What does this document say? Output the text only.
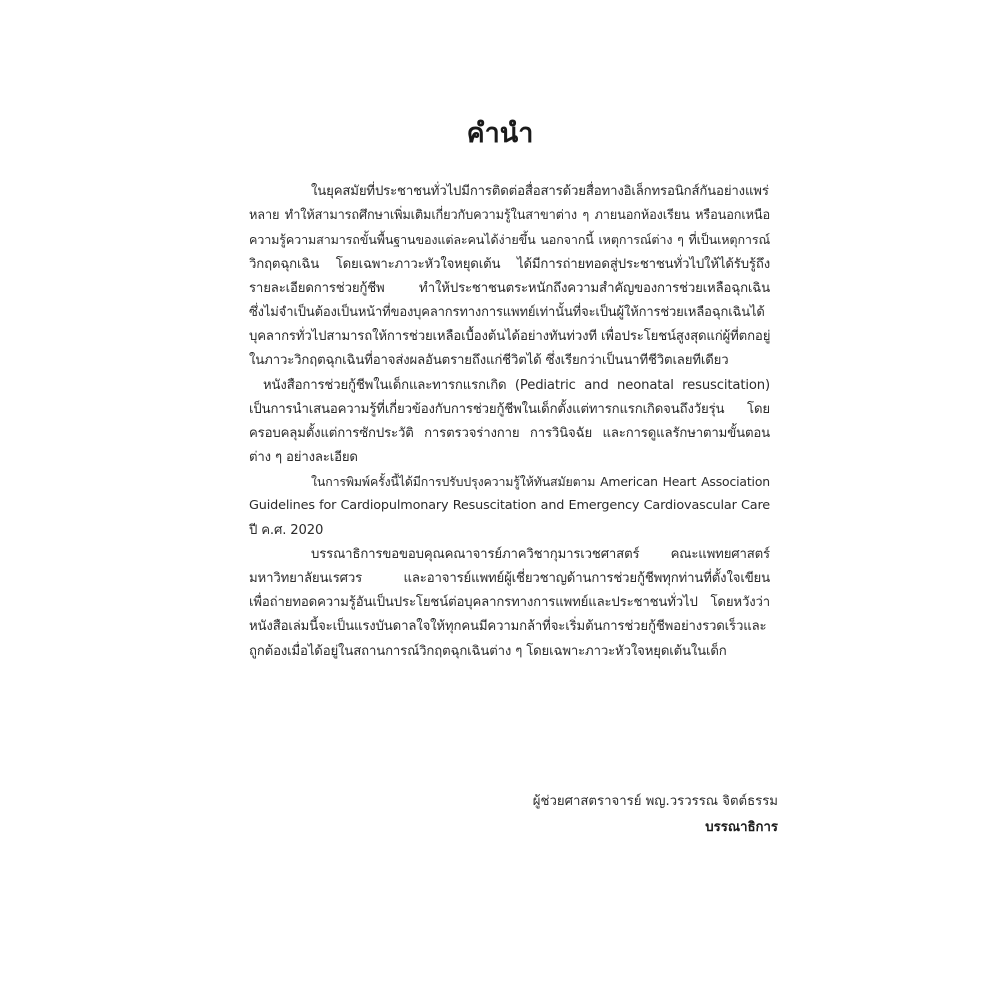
คำนำ
ในยุคสมัยที่ประชาชนทั่วไปมีการติดต่อสื่อสารด้วยสื่อทางอิเล็กทรอนิกส์กันอย่างแพร่
หลาย ทำให้สามารถศึกษาเพิ่มเติมเกี่ยวกับความรู้ในสาขาต่าง ๆ ภายนอกห้องเรียน หรือนอกเหนือ
ความรู้ความสามารถขั้นพื้นฐานของแต่ละคนได้ง่ายขึ้น นอกจากนี้ เหตุการณ์ต่าง ๆ ที่เป็นเหตุการณ์
วิกฤตฉุกเฉิน โดยเฉพาะภาวะหัวใจหยุดเต้น ได้มีการถ่ายทอดสู่ประชาชนทั่วไปให้ได้รับรู้ถึง
รายละเอียดการช่วยกู้ชีพ ทำให้ประชาชนตระหนักถึงความสำคัญของการช่วยเหลือฉุกเฉิน
ซึ่งไม่จำเป็นต้องเป็นหน้าที่ของบุคลากรทางการแพทย์เท่านั้นที่จะเป็นผู้ให้การช่วยเหลือฉุกเฉินได้
บุคลากรทั่วไปสามารถให้การช่วยเหลือเบื้องต้นได้อย่างทันท่วงที เพื่อประโยชน์สูงสุดแก่ผู้ที่ตกอยู่
ในภาวะวิกฤตฉุกเฉินที่อาจส่งผลอันตรายถึงแก่ชีวิตได้ ซึ่งเรียกว่าเป็นนาทีชีวิตเลยทีเดียว
หนังสือการช่วยกู้ชีพในเด็กและทารกแรกเกิด (Pediatric and neonatal resuscitation)
เป็นการนำเสนอความรู้ที่เกี่ยวข้องกับการช่วยกู้ชีพในเด็กตั้งแต่ทารกแรกเกิดจนถึงวัยรุ่น โดย
ครอบคลุมตั้งแต่การซักประวัติ การตรวจร่างกาย การวินิจฉัย และการดูแลรักษาตามขั้นตอน
ต่าง ๆ อย่างละเอียด
ในการพิมพ์ครั้งนี้ได้มีการปรับปรุงความรู้ให้ทันสมัยตาม American Heart Association
Guidelines for Cardiopulmonary Resuscitation and Emergency Cardiovascular Care
ปี ค.ศ. 2020
บรรณาธิการขอขอบคุณคณาจารย์ภาควิชากุมารเวชศาสตร์ คณะแพทยศาสตร์
มหาวิทยาลัยนเรศวร และอาจารย์แพทย์ผู้เชี่ยวชาญด้านการช่วยกู้ชีพทุกท่านที่ตั้งใจเขียน
เพื่อถ่ายทอดความรู้อันเป็นประโยชน์ต่อบุคลากรทางการแพทย์และประชาชนทั่วไป โดยหวังว่า
หนังสือเล่มนี้จะเป็นแรงบันดาลใจให้ทุกคนมีความกล้าที่จะเริ่มต้นการช่วยกู้ชีพอย่างรวดเร็วและ
ถูกต้องเมื่อได้อยู่ในสถานการณ์วิกฤตฉุกเฉินต่าง ๆ โดยเฉพาะภาวะหัวใจหยุดเต้นในเด็ก
ผู้ช่วยศาสตราจารย์ พญ.วรวรรณ จิตต์ธรรม
บรรณาธิการ
